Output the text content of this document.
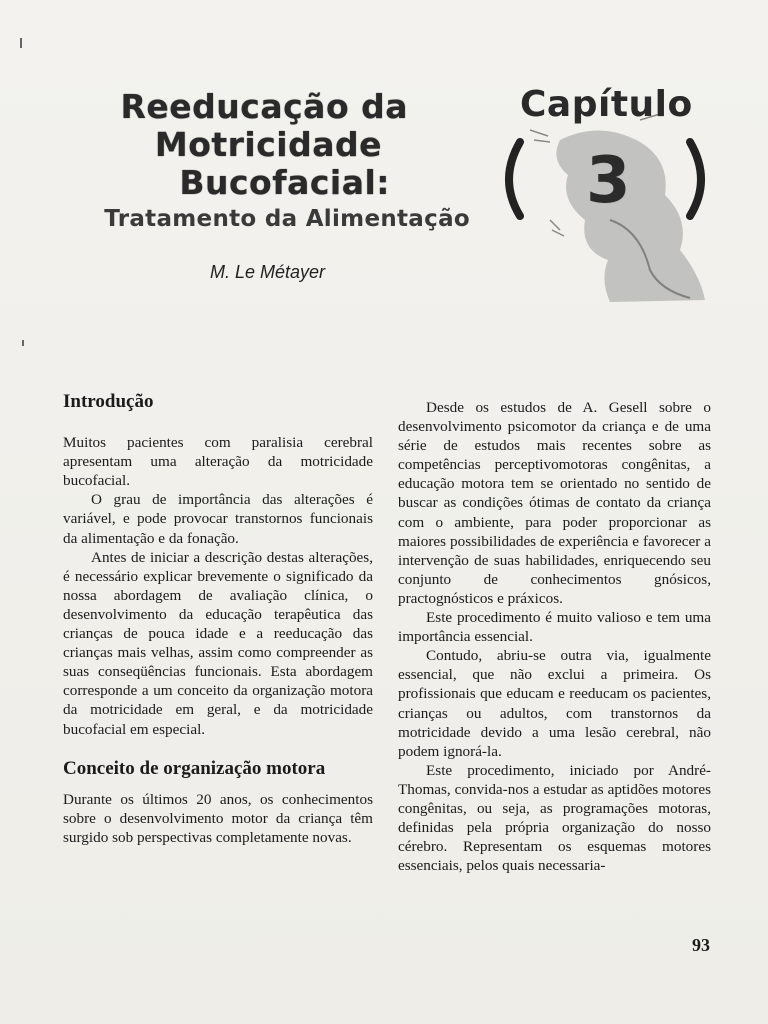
Reeducação da
Motricidade
Bucofacial:
Tratamento da Alimentação
M. Le Métayer
Capítulo
3
Introdução

Muitos pacientes com paralisia cerebral apresentam uma alteração da motricidade bucofacial.

O grau de importância das alterações é variável, e pode provocar transtornos funcionais da alimentação e da fonação.

Antes de iniciar a descrição destas alterações, é necessário explicar brevemente o significado da nossa abordagem de avaliação clínica, o desenvolvimento da educação terapêutica das crianças de pouca idade e a reeducação das crianças mais velhas, assim como compreender as suas conseqüências funcionais. Esta abordagem corresponde a um conceito da organização motora da motricidade em geral, e da motricidade bucofacial em especial.

Conceito de organização motora

Durante os últimos 20 anos, os conhecimentos sobre o desenvolvimento motor da criança têm surgido sob perspectivas completamente novas.

Desde os estudos de A. Gesell sobre o desenvolvimento psicomotor da criança e de uma série de estudos mais recentes sobre as competências perceptivomotoras congênitas, a educação motora tem se orientado no sentido de buscar as condições ótimas de contato da criança com o ambiente, para poder proporcionar as maiores possibilidades de experiência e favorecer a intervenção de suas habilidades, enriquecendo seu conjunto de conhecimentos gnósicos, practognósticos e práxicos.

Este procedimento é muito valioso e tem uma importância essencial.

Contudo, abriu-se outra via, igualmente essencial, que não exclui a primeira. Os profissionais que educam e reeducam os pacientes, crianças ou adultos, com transtornos da motricidade devido a uma lesão cerebral, não podem ignorá-la.

Este procedimento, iniciado por André-Thomas, convida-nos a estudar as aptidões motores congênitas, ou seja, as programações motoras, definidas pela própria organização do nosso cérebro. Representam os esquemas motores essenciais, pelos quais necessaria-

93
